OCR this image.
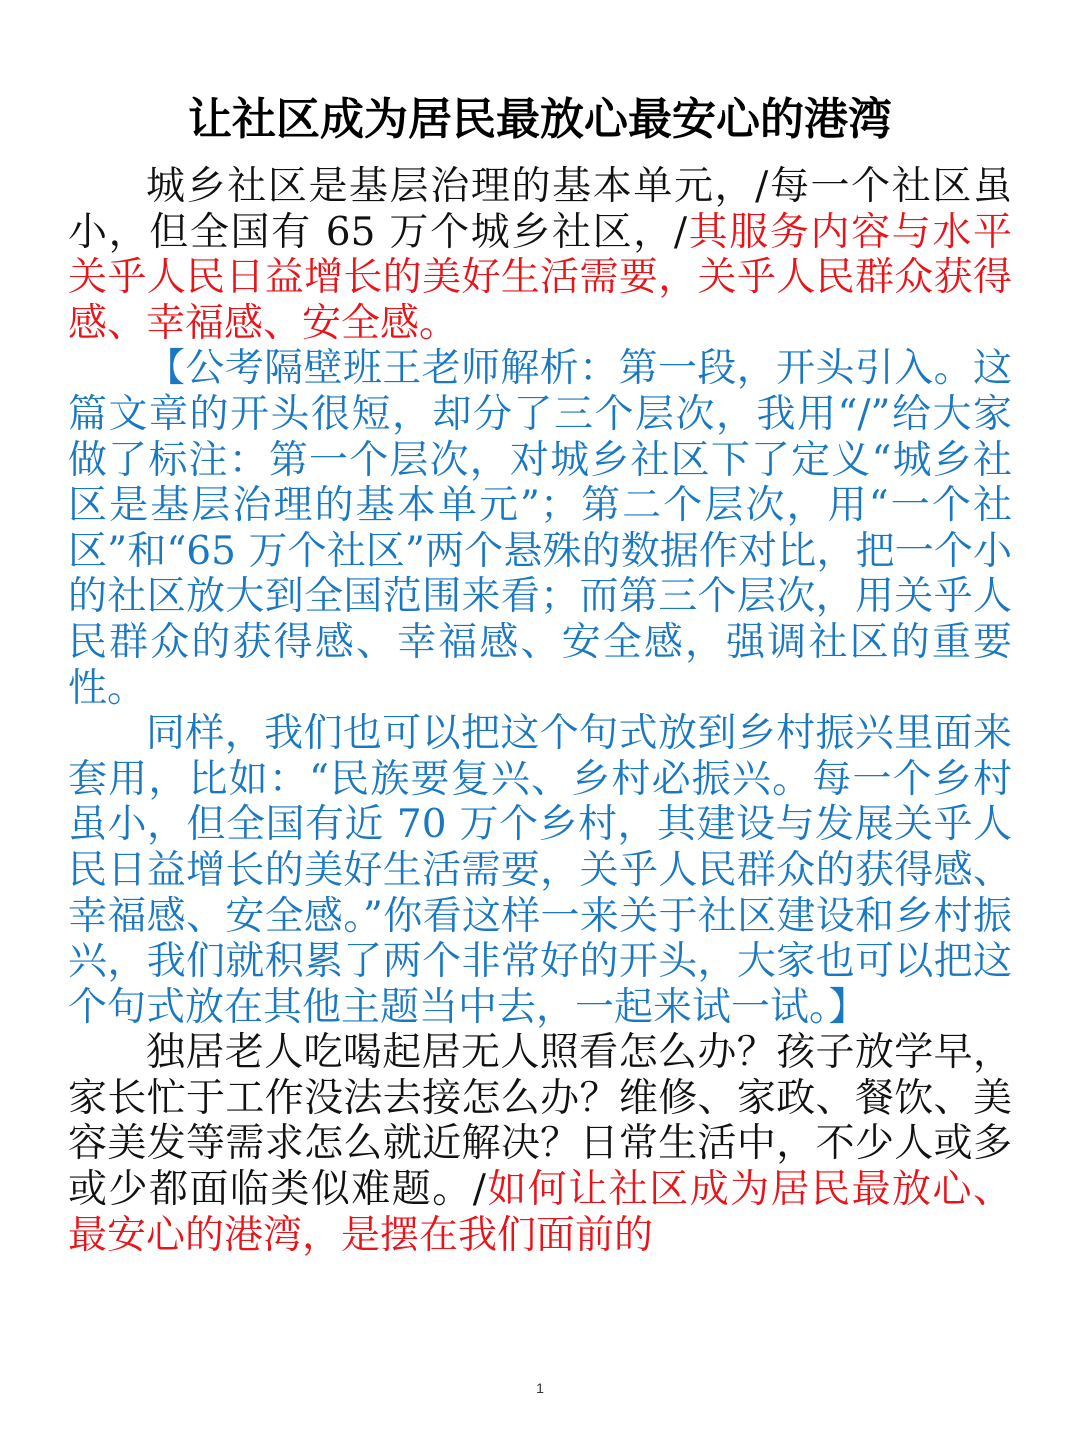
让社区成为居民最放心最安心的港湾

城乡社区是基层治理的基本单元，/每一个社区虽小，但全国有 65 万个城乡社区，/其服务内容与水平关乎人民日益增长的美好生活需要，关乎人民群众获得感、幸福感、安全感。

【公考隔壁班王老师解析：第一段，开头引入。这篇文章的开头很短，却分了三个层次，我用“/”给大家做了标注：第一个层次，对城乡社区下了定义“城乡社区是基层治理的基本单元”；第二个层次，用“一个社区”和“65 万个社区”两个悬殊的数据作对比，把一个小的社区放大到全国范围来看；而第三个层次，用关乎人民群众的获得感、幸福感、安全感，强调社区的重要性。

同样，我们也可以把这个句式放到乡村振兴里面来套用，比如：“民族要复兴、乡村必振兴。每一个乡村虽小，但全国有近 70 万个乡村，其建设与发展关乎人民日益增长的美好生活需要，关乎人民群众的获得感、幸福感、安全感。”你看这样一来关于社区建设和乡村振兴，我们就积累了两个非常好的开头，大家也可以把这个句式放在其他主题当中去，一起来试一试。】

独居老人吃喝起居无人照看怎么办？孩子放学早，家长忙于工作没法去接怎么办？维修、家政、餐饮、美容美发等需求怎么就近解决？日常生活中，不少人或多或少都面临类似难题。/如何让社区成为居民最放心、最安心的港湾，是摆在我们面前的

1
